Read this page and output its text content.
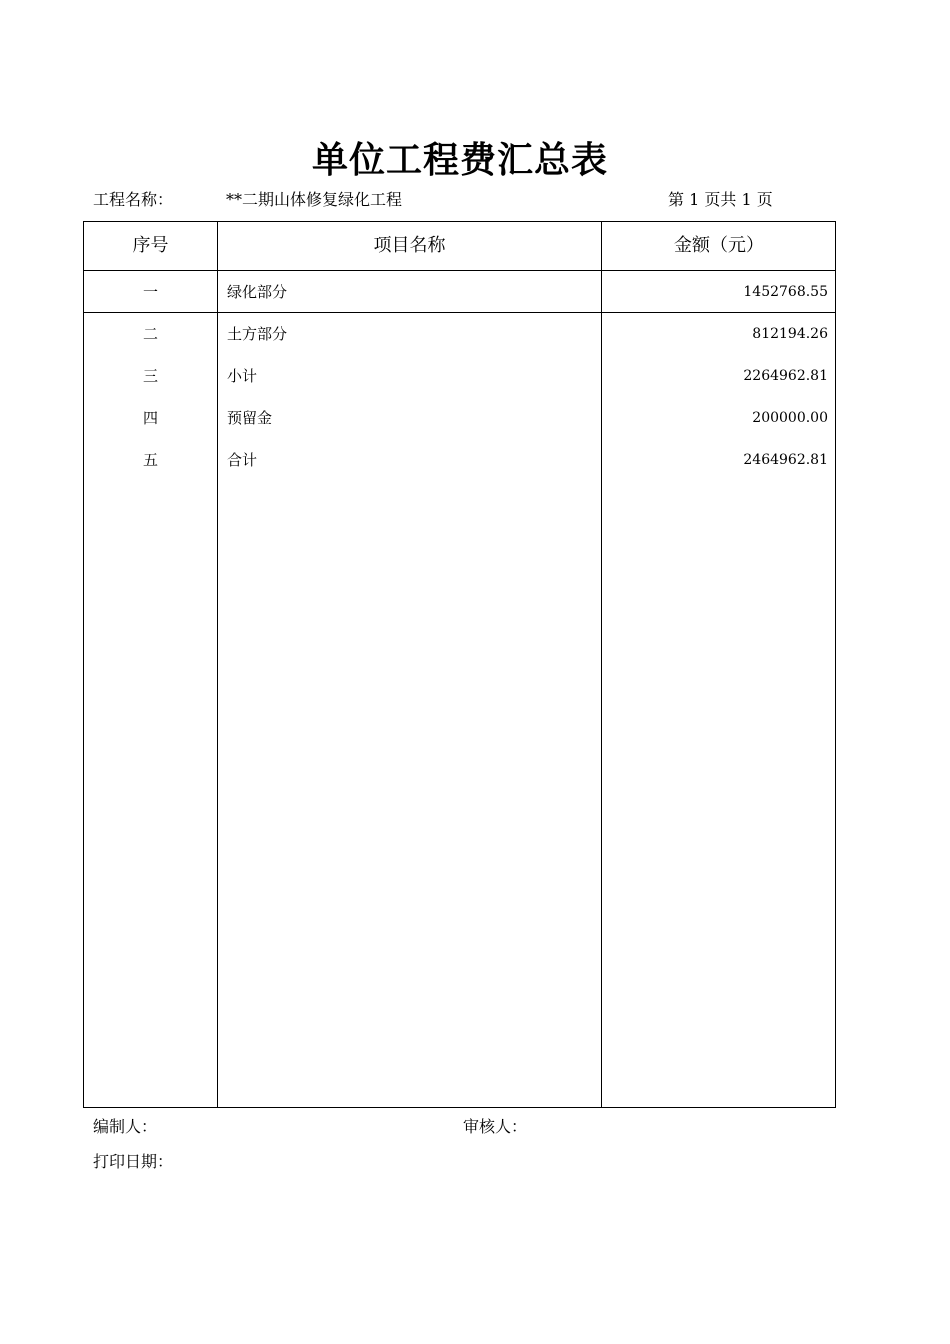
单位工程费汇总表
工程名称：	**二期山体修复绿化工程	第 1 页共 1 页
序号	项目名称	金额（元）
一	绿化部分	1452768.55
二	土方部分	812194.26
三	小计	2264962.81
四	预留金	200000.00
五	合计	2464962.81
编制人：	审核人：
打印日期：
